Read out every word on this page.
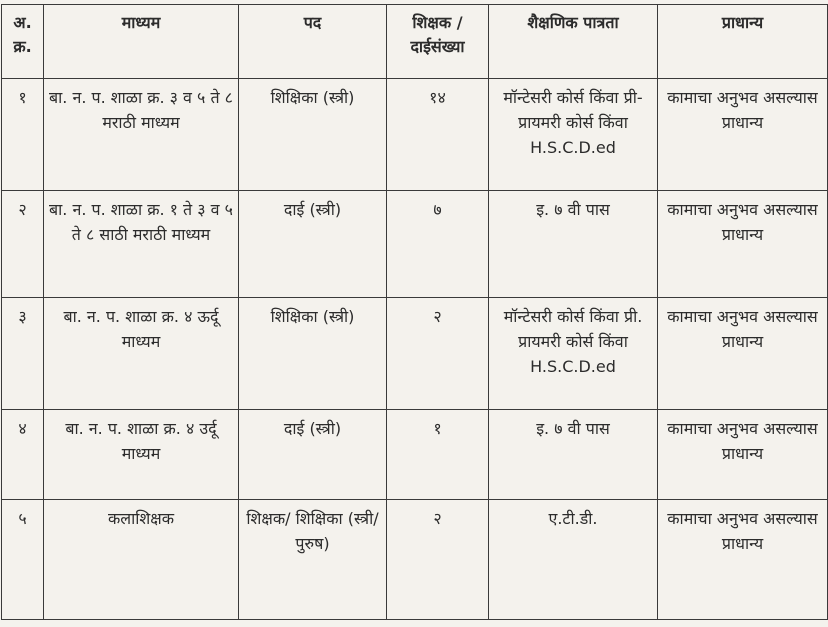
अ. क्र.	माध्यम	पद	शिक्षक / दाईसंख्या	शैक्षणिक पात्रता	प्राधान्य
१	बा. न. प. शाळा क्र. ३ व ५ ते ८ मराठी माध्यम	शिक्षिका (स्त्री)	१४	मॉन्टेसरी कोर्स किंवा प्री-प्रायमरी कोर्स किंवा H.S.C.D.ed	कामाचा अनुभव असल्यास प्राधान्य
२	बा. न. प. शाळा क्र. १ ते ३ व ५ ते ८ साठी मराठी माध्यम	दाई (स्त्री)	७	इ. ७ वी पास	कामाचा अनुभव असल्यास प्राधान्य
३	बा. न. प. शाळा क्र. ४ ऊर्दू माध्यम	शिक्षिका (स्त्री)	२	मॉन्टेसरी कोर्स किंवा प्री. प्रायमरी कोर्स किंवा H.S.C.D.ed	कामाचा अनुभव असल्यास प्राधान्य
४	बा. न. प. शाळा क्र. ४ उर्दू माध्यम	दाई (स्त्री)	१	इ. ७ वी पास	कामाचा अनुभव असल्यास प्राधान्य
५	कलाशिक्षक	शिक्षक/ शिक्षिका (स्त्री/पुरुष)	२	ए.टी.डी.	कामाचा अनुभव असल्यास प्राधान्य
